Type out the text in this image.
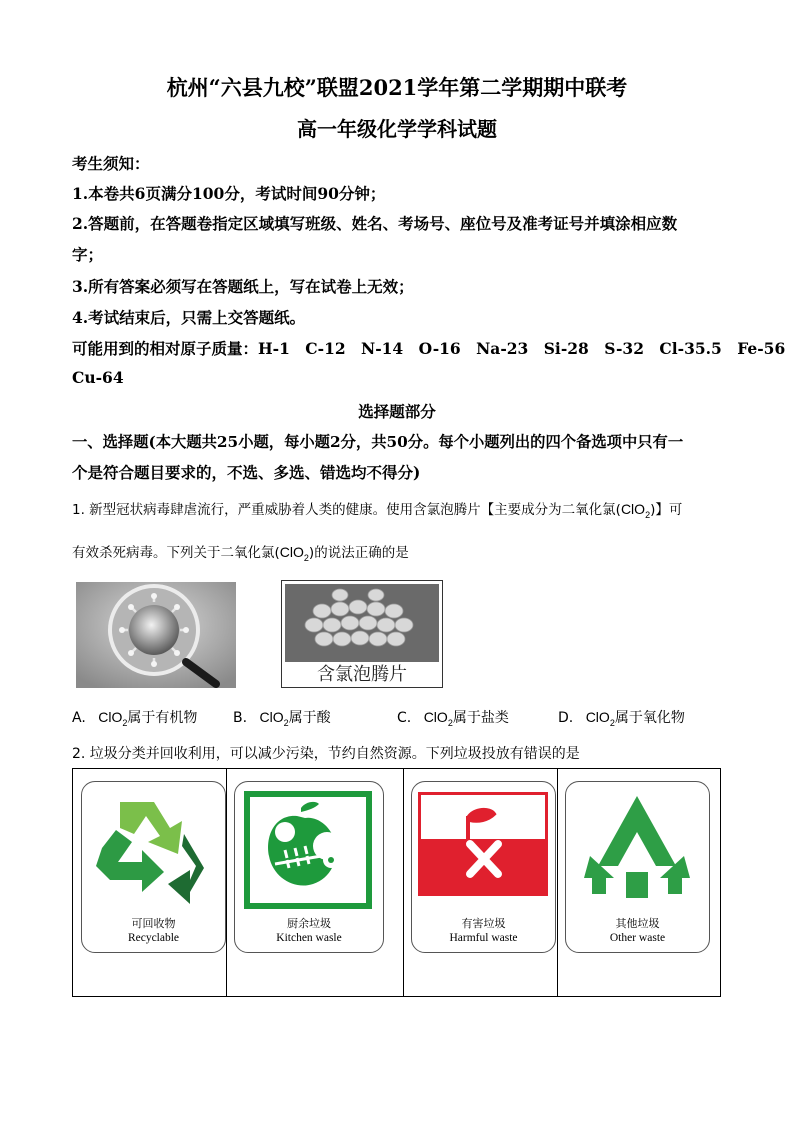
杭州“六县九校”联盟2021学年第二学期期中联考
高一年级化学学科试题
考生须知：
1.本卷共6页满分100分，考试时间90分钟；
2.答题前，在答题卷指定区域填写班级、姓名、考场号、座位号及准考证号并填涂相应数
字；
3.所有答案必须写在答题纸上，写在试卷上无效；
4.考试结束后，只需上交答题纸。
可能用到的相对原子质量：H-1 C-12 N-14 O-16 Na-23 Si-28 S-32 Cl-35.5 Fe-56
Cu-64
选择题部分
一、选择题(本大题共25小题，每小题2分，共50分。每个小题列出的四个备选项中只有一
个是符合题目要求的，不选、多选、错选均不得分)
1. 新型冠状病毒肆虐流行，严重威胁着人类的健康。使用含氯泡腾片【主要成分为二氧化氯(ClO$_2$)】可
有效杀死病毒。下列关于二氧化氯(ClO$_2$)的说法正确的是
含氯泡腾片
A. ClO$_2$属于有机物	B. ClO$_2$属于酸	C. ClO$_2$属于盐类	D. ClO$_2$属于氧化物
2. 垃圾分类并回收利用，可以减少污染，节约自然资源。下列垃圾投放有错误的是
可回收物
Recyclable
厨余垃圾
Kitchen wasle
有害垃圾
Harmful waste
其他垃圾
Other waste
